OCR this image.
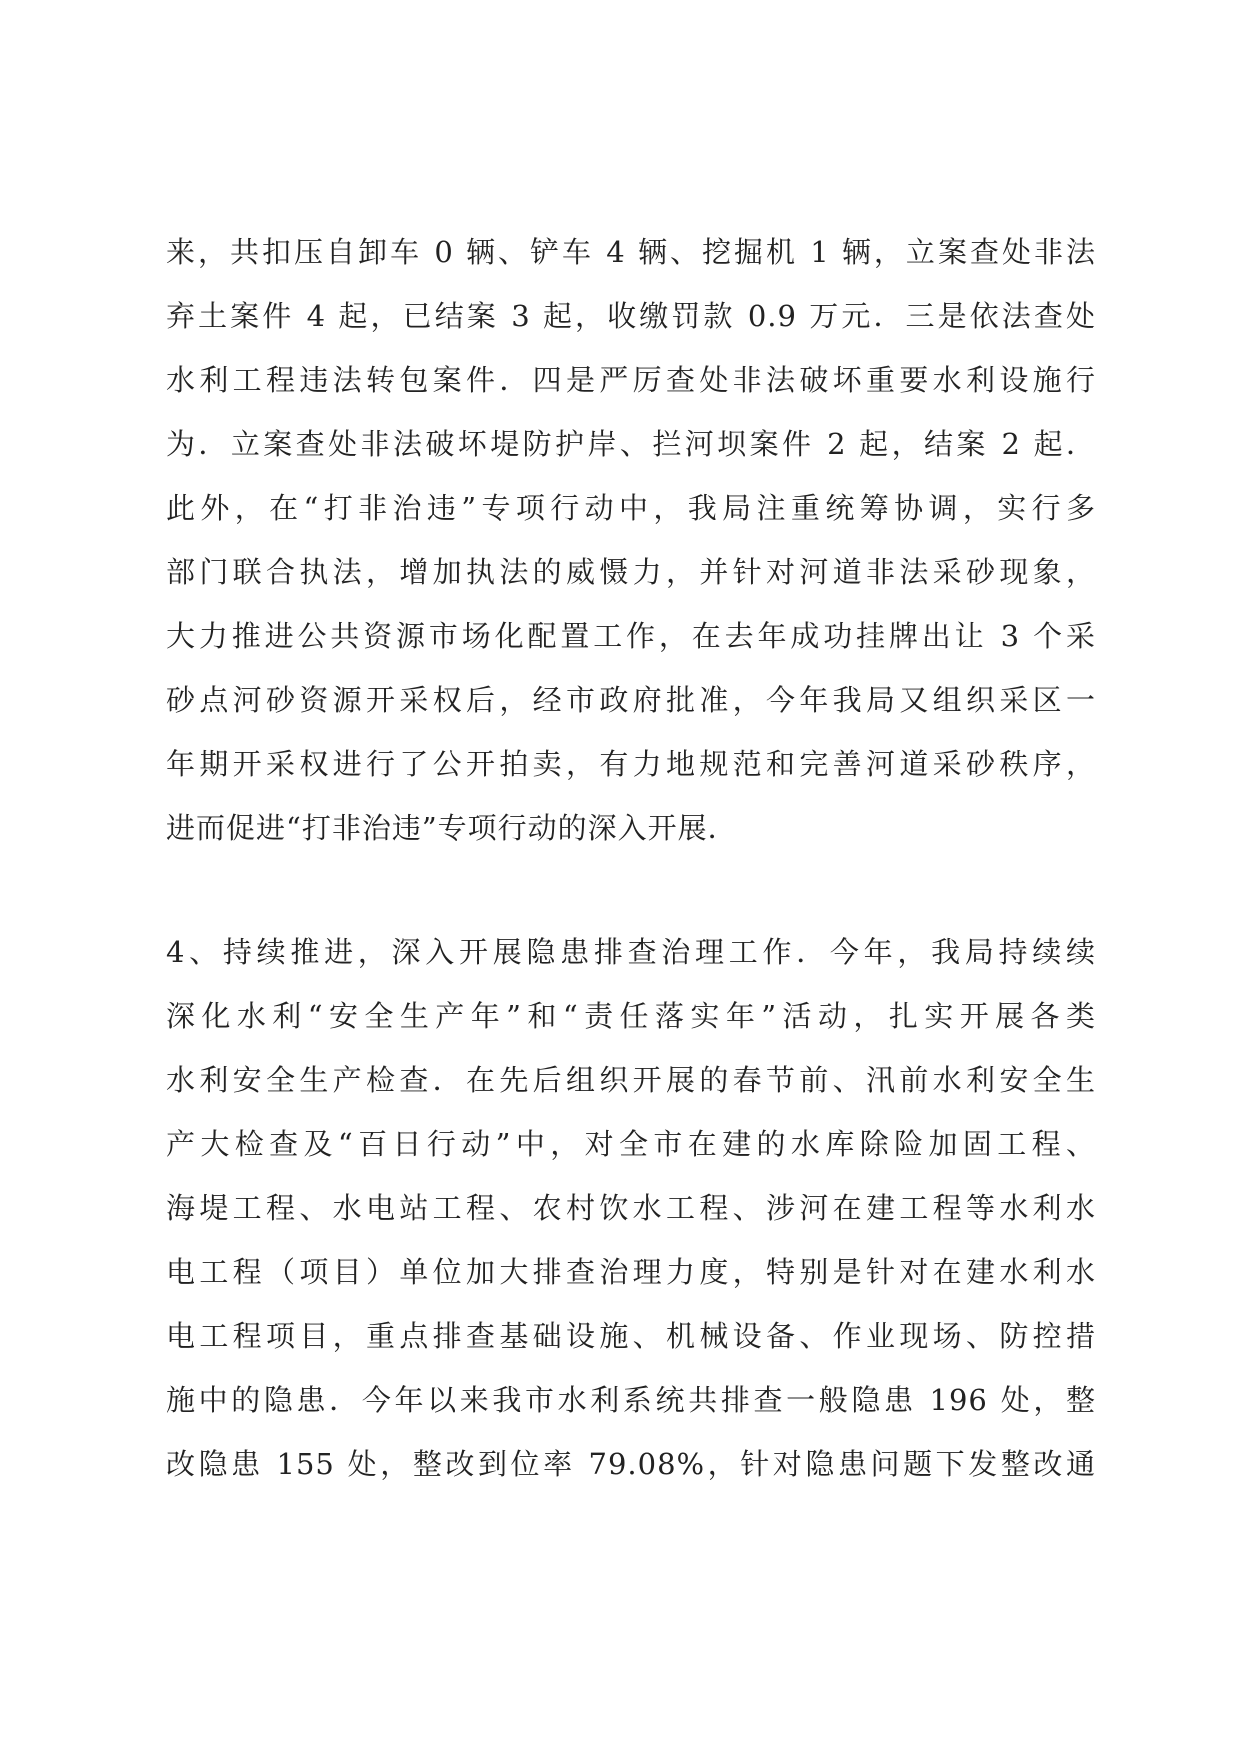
来，共扣压自卸车 0 辆、铲车 4 辆、挖掘机 1 辆，立案查处非法
弃土案件 4 起，已结案 3 起，收缴罚款 0.9 万元．三是依法查处
水利工程违法转包案件．四是严厉查处非法破坏重要水利设施行
为．立案查处非法破坏堤防护岸、拦河坝案件 2 起，结案 2 起．
此外，在“打非治违”专项行动中，我局注重统筹协调，实行多
部门联合执法，增加执法的威慑力，并针对河道非法采砂现象，
大力推进公共资源市场化配置工作，在去年成功挂牌出让 3 个采
砂点河砂资源开采权后，经市政府批准，今年我局又组织采区一
年期开采权进行了公开拍卖，有力地规范和完善河道采砂秩序，
进而促进“打非治违”专项行动的深入开展．
4、持续推进，深入开展隐患排查治理工作．今年，我局持续续
深化水利“安全生产年”和“责任落实年”活动，扎实开展各类
水利安全生产检查．在先后组织开展的春节前、汛前水利安全生
产大检查及“百日行动”中，对全市在建的水库除险加固工程、
海堤工程、水电站工程、农村饮水工程、涉河在建工程等水利水
电工程（项目）单位加大排查治理力度，特别是针对在建水利水
电工程项目，重点排查基础设施、机械设备、作业现场、防控措
施中的隐患．今年以来我市水利系统共排查一般隐患 196 处，整
改隐患 155 处，整改到位率 79.08%，针对隐患问题下发整改通
